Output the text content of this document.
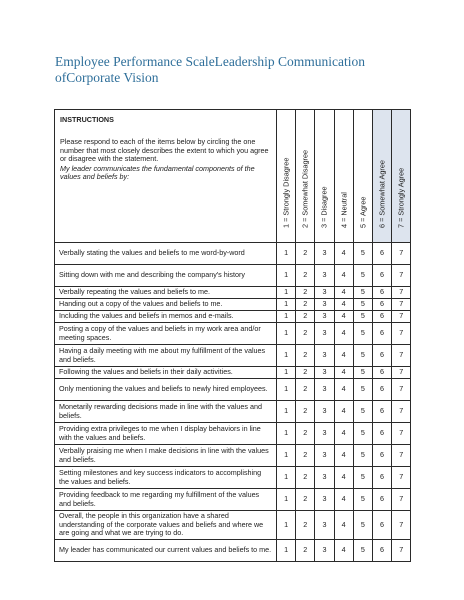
Employee Performance ScaleLeadership Communication ofCorporate Vision
INSTRUCTIONS
Please respond to each of the items below by circling the one number that most closely describes the extent to which you agree or disagree with the statement.
My leader communicates the fundamental components of the values and beliefs by:	1 = Strongly Disagree	2 = Somewhat Disagree	3 = Disagree	4 = Neutral	5 = Agree	6 = Somewhat Agree	7 = Strongly Agree

Verbally stating the values and beliefs to me word-by-word	1	2	3	4	5	6	7
Sitting down with me and describing the company's history	1	2	3	4	5	6	7
Verbally repeating the values and beliefs to me.	1	2	3	4	5	6	7
Handing out a copy of the values and beliefs to me.	1	2	3	4	5	6	7
Including the values and beliefs in memos and e-mails.	1	2	3	4	5	6	7
Posting a copy of the values and beliefs in my work area and/or meeting spaces.	1	2	3	4	5	6	7
Having a daily meeting with me about my fulfillment of the values and beliefs.	1	2	3	4	5	6	7
Following the values and beliefs in their daily activities.	1	2	3	4	5	6	7
Only mentioning the values and beliefs to newly hired employees.	1	2	3	4	5	6	7
Monetarily rewarding decisions made in line with the values and beliefs.	1	2	3	4	5	6	7
Providing extra privileges to me when I display behaviors in line with the values and beliefs.	1	2	3	4	5	6	7
Verbally praising me when I make decisions in line with the values and beliefs.	1	2	3	4	5	6	7
Setting milestones and key success indicators to accomplishing the values and beliefs.	1	2	3	4	5	6	7
Providing feedback to me regarding my fulfillment of the values and beliefs.	1	2	3	4	5	6	7
Overall, the people in this organization have a shared understanding of the corporate values and beliefs and where we are going and what we are trying to do.	1	2	3	4	5	6	7
My leader has communicated our current values and beliefs to me.	1	2	3	4	5	6	7
